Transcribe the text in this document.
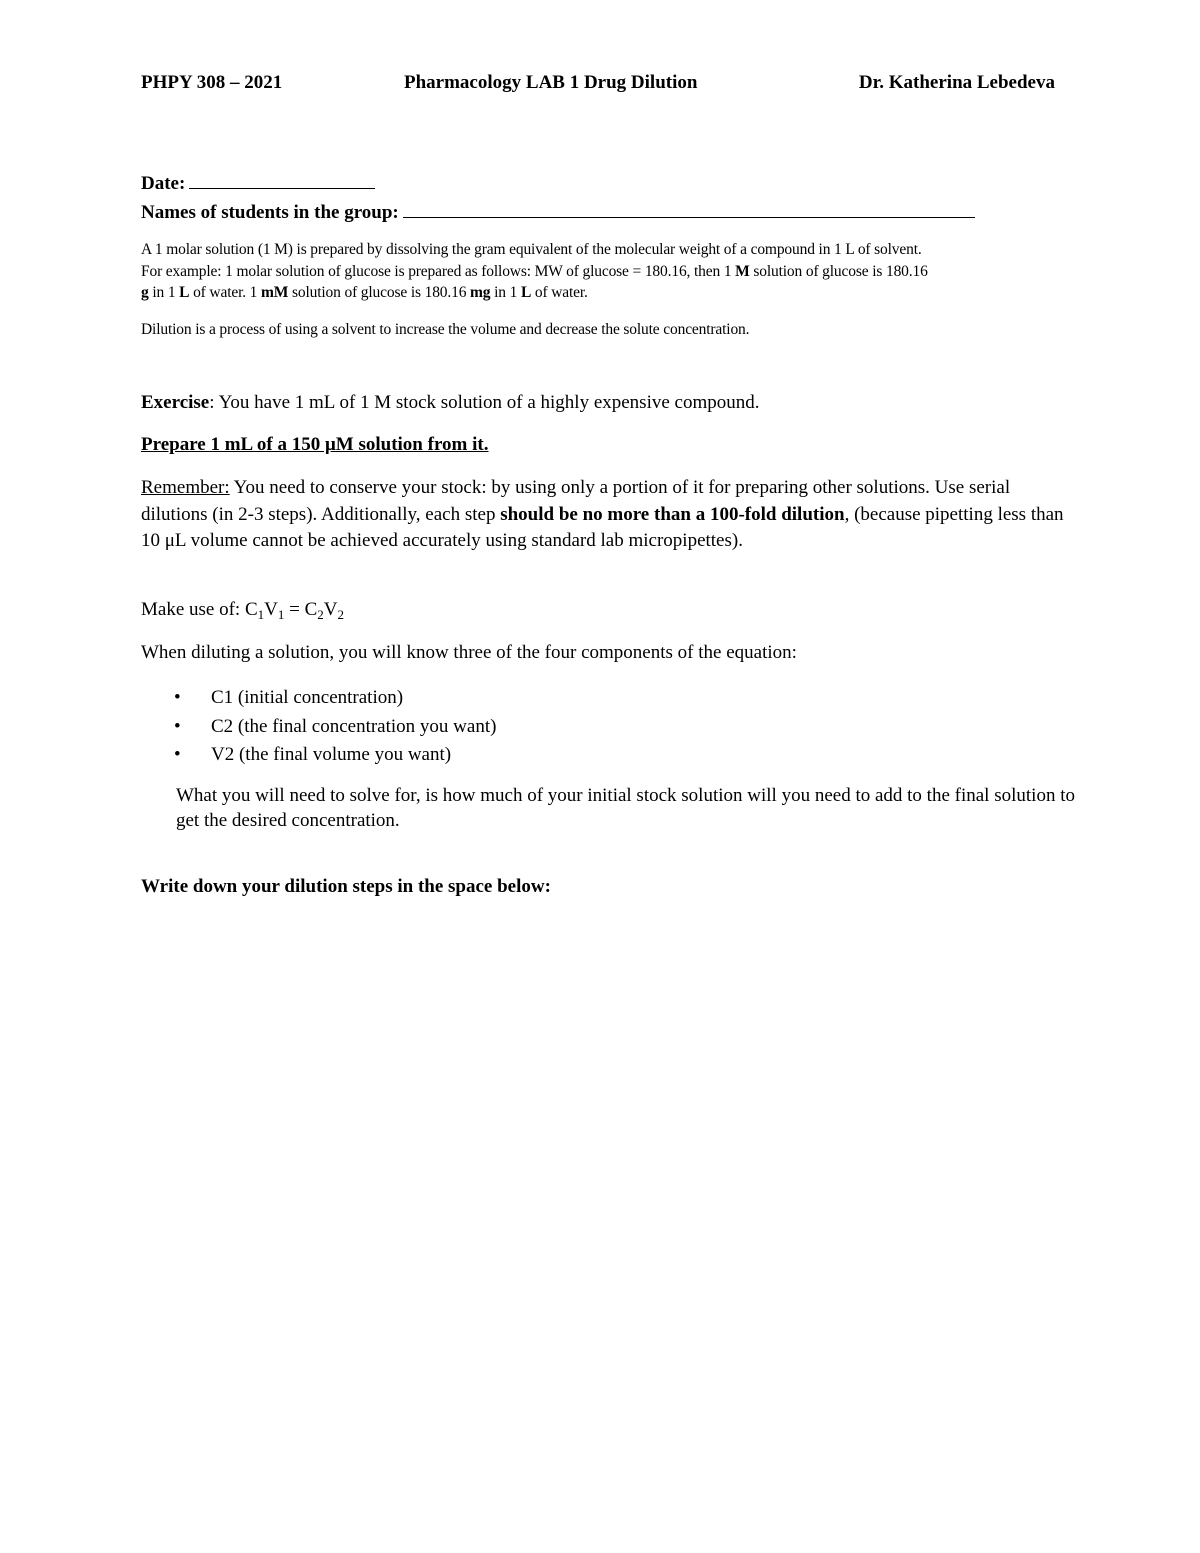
PHPY 308 – 2021	Pharmacology LAB 1 Drug Dilution	Dr. Katherina Lebedeva
Date:
Names of students in the group:
A 1 molar solution (1 M) is prepared by dissolving the gram equivalent of the molecular weight of a compound in 1 L of solvent.
For example: 1 molar solution of glucose is prepared as follows: MW of glucose = 180.16, then 1 M solution of glucose is 180.16
g in 1 L of water. 1 mM solution of glucose is 180.16 mg in 1 L of water.
Dilution is a process of using a solvent to increase the volume and decrease the solute concentration.
Exercise: You have 1 mL of 1 M stock solution of a highly expensive compound.
Prepare 1 mL of a 150 μM solution from it.
Remember: You need to conserve your stock: by using only a portion of it for preparing other solutions. Use serial dilutions (in 2-3 steps). Additionally, each step should be no more than a 100-fold dilution, (because pipetting less than 10 μL volume cannot be achieved accurately using standard lab micropipettes).
Make use of: $C_1V_1 = C_2V_2$
When diluting a solution, you will know three of the four components of the equation:
• C1 (initial concentration)
• C2 (the final concentration you want)
• V2 (the final volume you want)
What you will need to solve for, is how much of your initial stock solution will you need to add to the final solution to get the desired concentration.
Write down your dilution steps in the space below:
